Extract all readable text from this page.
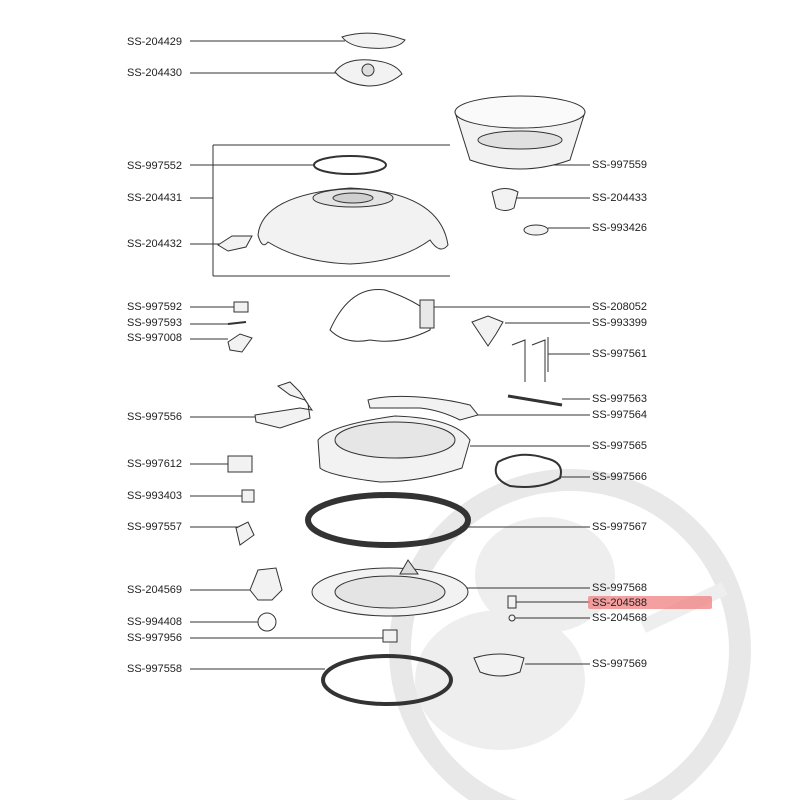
SS-204429
SS-204430
SS-997552
SS-204431
SS-204432
SS-997592
SS-997593
SS-997008
SS-997556
SS-997612
SS-993403
SS-997557
SS-204569
SS-994408
SS-997956
SS-997558
SS-997559
SS-204433
SS-993426
SS-208052
SS-993399
SS-997561
SS-997563
SS-997564
SS-997565
SS-997566
SS-997567
SS-997568
SS-204588
SS-204568
SS-997569
